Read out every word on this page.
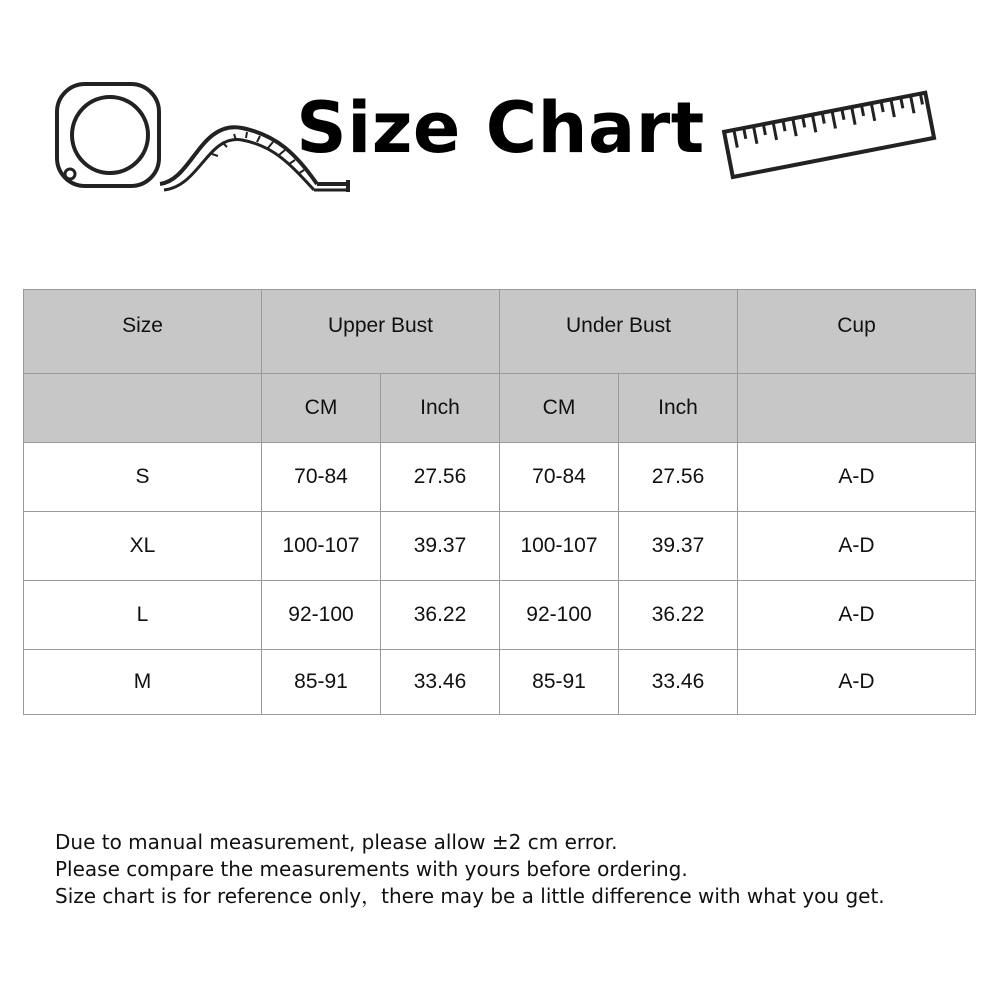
Size Chart
Size	Upper Bust		Under Bust		Cup
	CM	Inch	CM	Inch	
S	70-84	27.56	70-84	27.56	A-D
XL	100-107	39.37	100-107	39.37	A-D
L	92-100	36.22	92-100	36.22	A-D
M	85-91	33.46	85-91	33.46	A-D
Due to manual measurement, please allow ±2 cm error.
Please compare the measurements with yours before ordering.
Size chart is for reference only，there may be a little difference with what you get.
